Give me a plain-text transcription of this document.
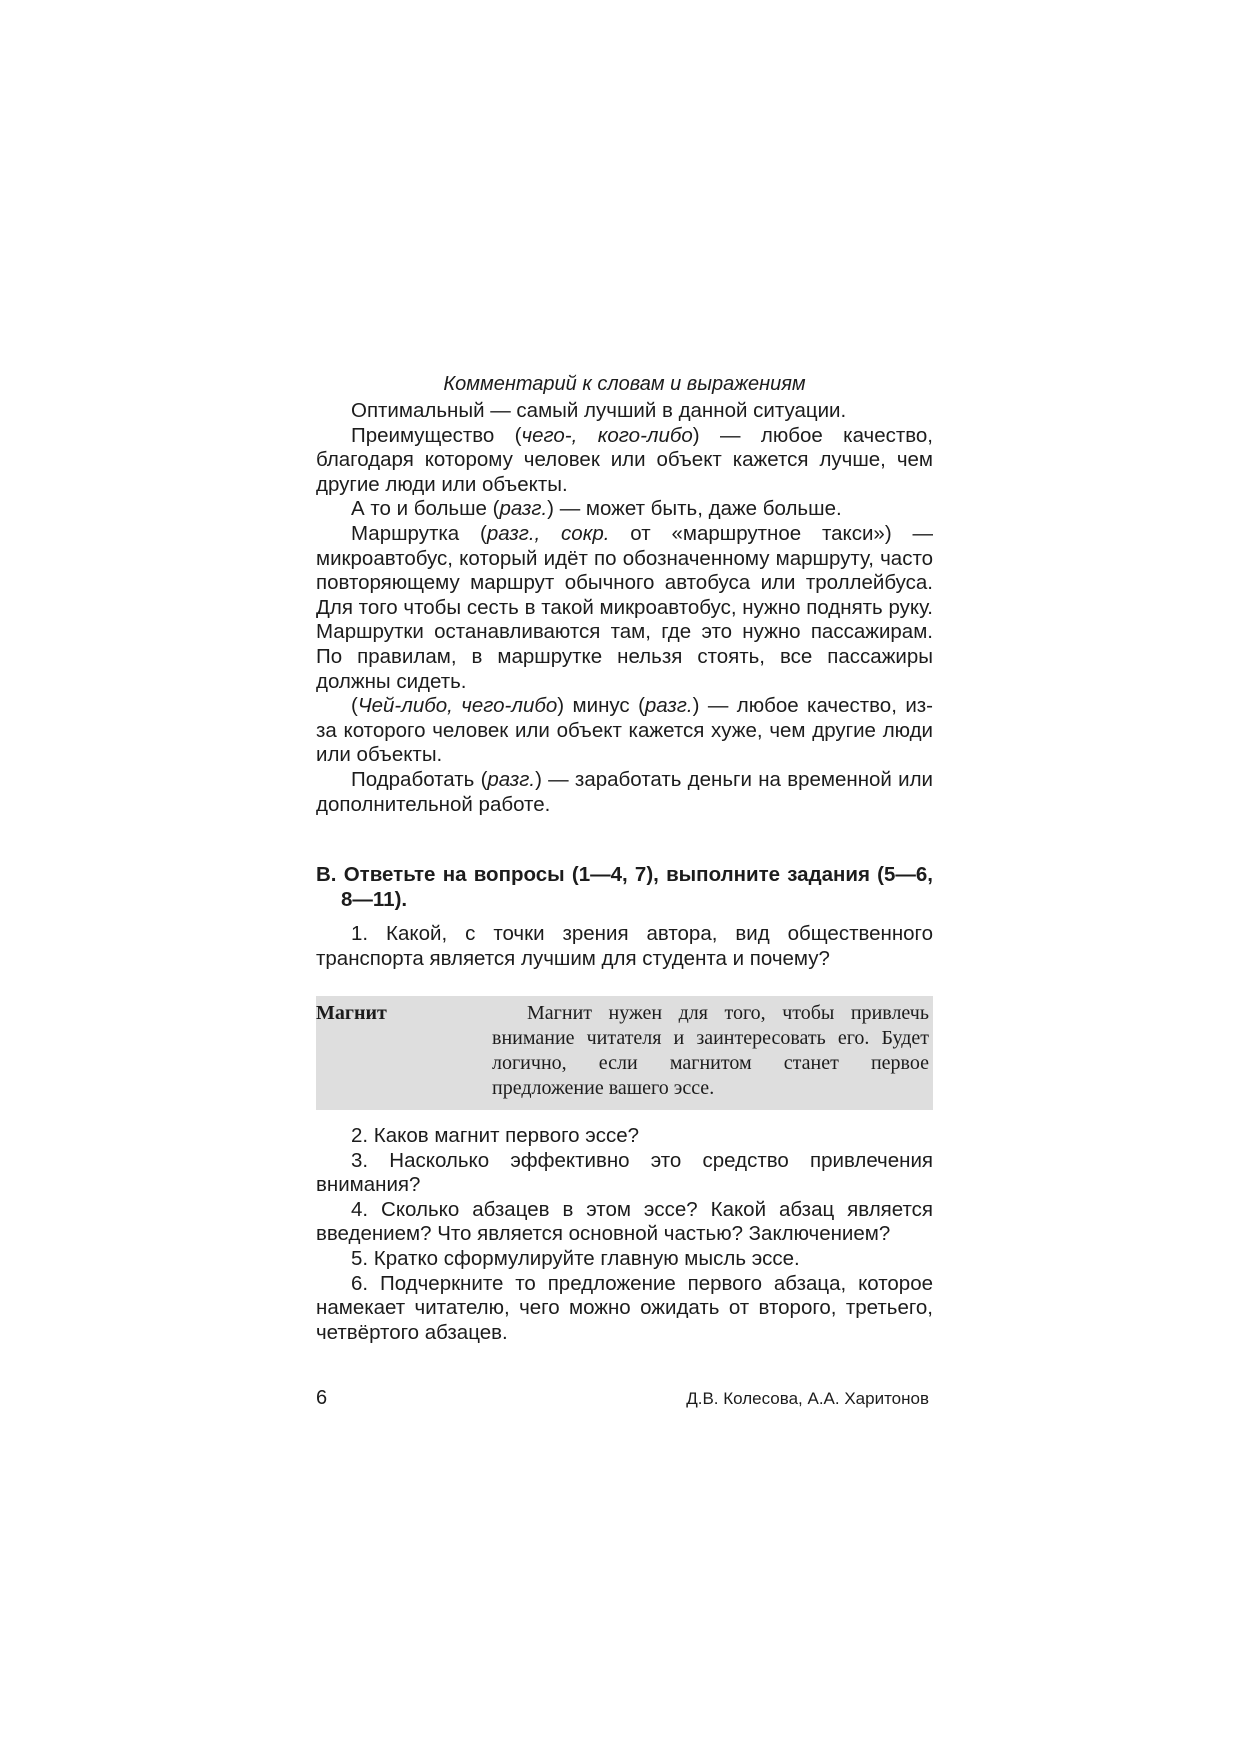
Комментарий к словам и выражениям

Оптимальный — самый лучший в данной ситуации.

Преимущество (чего-, кого-либо) — любое качество, благодаря которому человек или объект кажется лучше, чем другие люди или объекты.

А то и больше (разг.) — может быть, даже больше.

Маршрутка (разг., сокр. от «маршрутное такси») — микроавтобус, который идёт по обозначенному маршруту, часто повторяющему маршрут обычного автобуса или троллейбуса. Для того чтобы сесть в такой микроавтобус, нужно поднять руку. Маршрутки останавливаются там, где это нужно пассажирам. По правилам, в маршрутке нельзя стоять, все пассажиры должны сидеть.

(Чей-либо, чего-либо) минус (разг.) — любое качество, из-за которого человек или объект кажется хуже, чем другие люди или объекты.

Подработать (разг.) — заработать деньги на временной или дополнительной работе.

B. Ответьте на вопросы (1—4, 7), выполните задания (5—6, 8—11).

1. Какой, с точки зрения автора, вид общественного транспорта является лучшим для студента и почему?

Магнит	Магнит нужен для того, чтобы привлечь внимание читателя и заинтересовать его. Будет логично, если магнитом станет первое предложение вашего эссе.

2. Каков магнит первого эссе?

3. Насколько эффективно это средство привлечения внимания?

4. Сколько абзацев в этом эссе? Какой абзац является введением? Что является основной частью? Заключением?

5. Кратко сформулируйте главную мысль эссе.

6. Подчеркните то предложение первого абзаца, которое намекает читателю, чего можно ожидать от второго, третьего, четвёртого абзацев.

6	Д.В. Колесова, А.А. Харитонов
